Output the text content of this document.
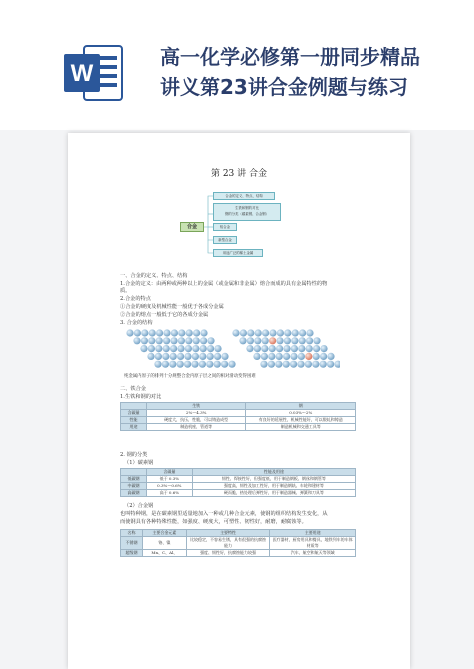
W
高一化学必修第一册同步精品
讲义第23讲合金例题与练习
第 23 讲 合金
合金
合金的定义、特点、结构
生铁和钢的对比
钢的分类（碳素钢、合金钢）
铝合金
新型合金
用途广泛的稀土金属
一、合金的定义、特点、结构
1.合金的定义：由两种或两种以上的金属（或金属和非金属）熔合而成的具有金属特性的物
质。
2.合金的特点
①合金的硬度及机械性能一般优于各成分金属
②合金的熔点一般低于它的各成分金属
3. 合金的结构
纯金属内原子的排列十分规整合金内原子层之间的相对滑动变得困难
二、铁合金
1.生铁和钢的对比
	生铁	钢
含碳量	2%～4.3%	0.03%～2%
性能	硬度大，抗压，性脆，可以铸造成型	有良好的延展性，机械性能好，可以锻轧和铸造
用途	制造机座，管道等	制造机械和交通工具等
2. 钢的分类
（1）碳素钢
	含碳量	性能及用途
低碳钢	低于 0.3%	韧性、焊接性好，但强度低，用于制造钢板、钢丝和钢管等
中碳钢	0.3%～0.6%	强度高，韧性及加工性好，用于制造钢轨、车轮和建材等
高碳钢	高于 0.6%	硬而脆，热处理后弹性好，用于制造器械、弹簧和刀具等
（2）合金钢
也叫特种钢，是在碳素钢里适量地加入一种或几种合金元素，使钢的组织结构发生变化，从
而使钢具有各种特殊性能，如强度、硬度大，可塑性、韧性好，耐磨，耐腐蚀等。
名称	主要合金元素	主要特性	主要用途
不锈钢	铬、镍	比较稳定，不容易生锈，具有很强的抗腐蚀能力	医疗器材，厨房用具和餐具，地铁列车的车体材质等
超级钢	Mn、C、Al、	强度、韧性好，抗腐蚀能力较强	汽车、航空和航天等领域
